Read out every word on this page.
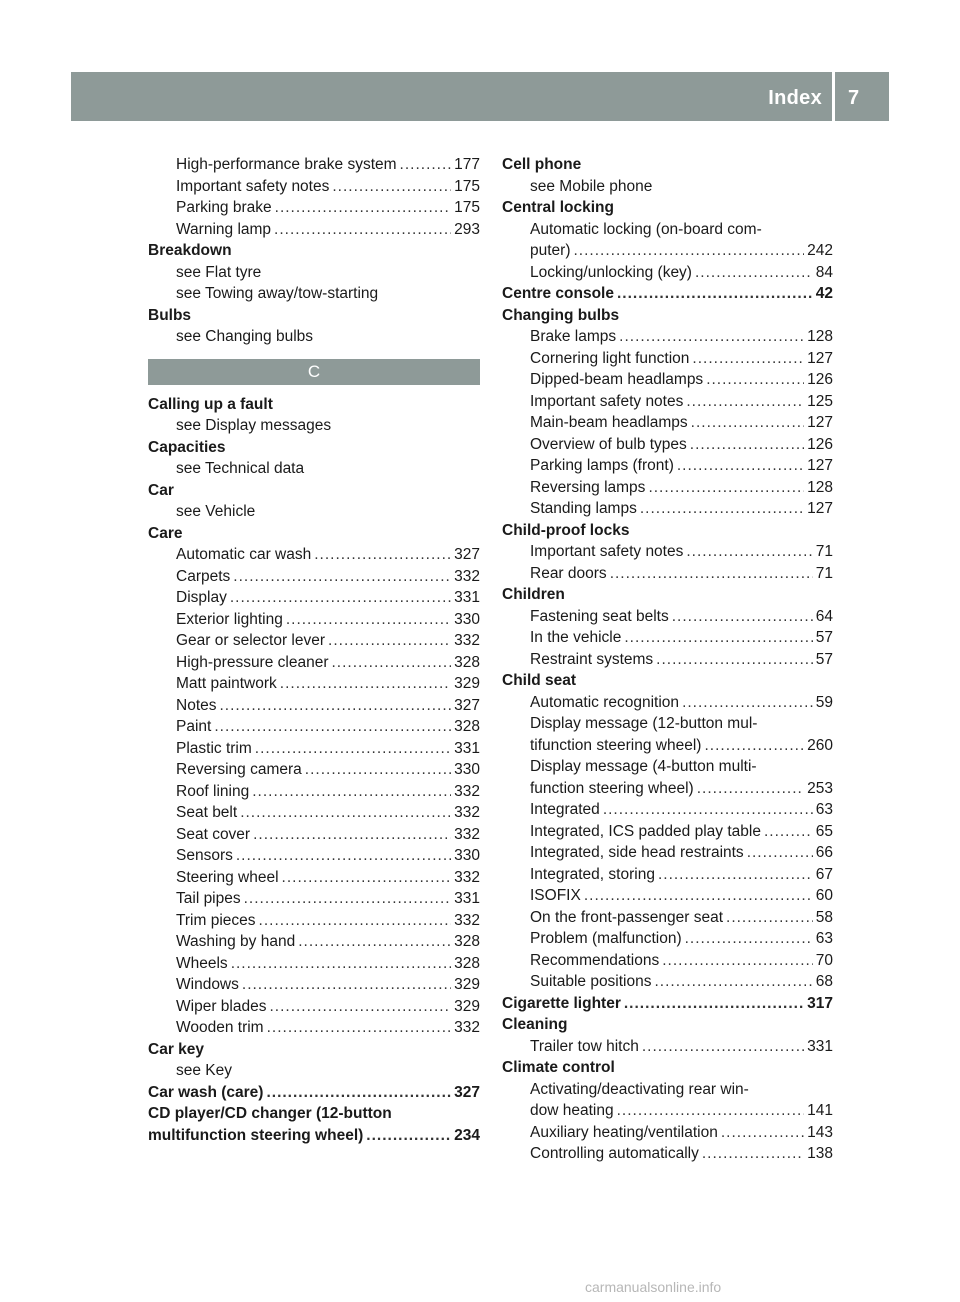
Index 7
High-performance brake system .....	177
Important safety notes .....	175
Parking brake .....	175
Warning lamp .....	293
Breakdown
see Flat tyre
see Towing away/tow-starting
Bulbs
see Changing bulbs
C
Calling up a fault
see Display messages
Capacities
see Technical data
Car
see Vehicle
Care
Automatic car wash .....	327
Carpets .....	332
Display .....	331
Exterior lighting .....	330
Gear or selector lever .....	332
High-pressure cleaner .....	328
Matt paintwork .....	329
Notes .....	327
Paint .....	328
Plastic trim .....	331
Reversing camera .....	330
Roof lining .....	332
Seat belt .....	332
Seat cover .....	332
Sensors .....	330
Steering wheel .....	332
Tail pipes .....	331
Trim pieces .....	332
Washing by hand .....	328
Wheels .....	328
Windows .....	329
Wiper blades .....	329
Wooden trim .....	332
Car key
see Key
Car wash (care) .....	327
CD player/CD changer (12-button
multifunction steering wheel) .....	234
Cell phone
see Mobile phone
Central locking
Automatic locking (on-board com-
puter) .....	242
Locking/unlocking (key) .....	84
Centre console .....	42
Changing bulbs
Brake lamps .....	128
Cornering light function .....	127
Dipped-beam headlamps .....	126
Important safety notes .....	125
Main-beam headlamps .....	127
Overview of bulb types .....	126
Parking lamps (front) .....	127
Reversing lamps .....	128
Standing lamps .....	127
Child-proof locks
Important safety notes .....	71
Rear doors .....	71
Children
Fastening seat belts .....	64
In the vehicle .....	57
Restraint systems .....	57
Child seat
Automatic recognition .....	59
Display message (12-button mul-
tifunction steering wheel) .....	260
Display message (4-button multi-
function steering wheel) .....	253
Integrated .....	63
Integrated, ICS padded play table .....	65
Integrated, side head restraints .....	66
Integrated, storing .....	67
ISOFIX .....	60
On the front-passenger seat .....	58
Problem (malfunction) .....	63
Recommendations .....	70
Suitable positions .....	68
Cigarette lighter .....	317
Cleaning
Trailer tow hitch .....	331
Climate control
Activating/deactivating rear win-
dow heating .....	141
Auxiliary heating/ventilation .....	143
Controlling automatically .....	138
carmanualsonline.info
